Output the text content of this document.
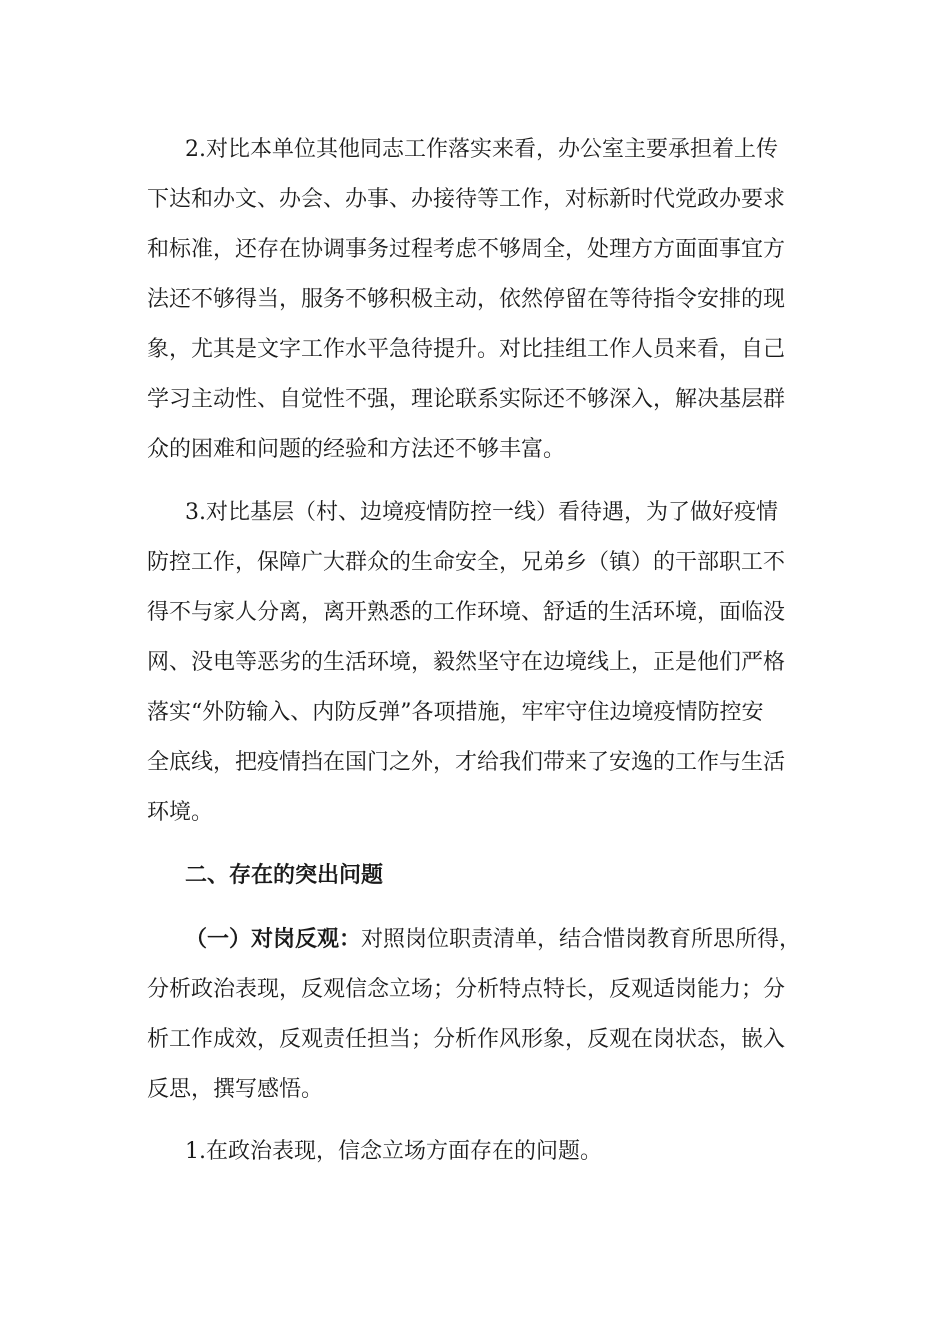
2.对比本单位其他同志工作落实来看，办公室主要承担着上传
下达和办文、办会、办事、办接待等工作，对标新时代党政办要求
和标准，还存在协调事务过程考虑不够周全，处理方方面面事宜方
法还不够得当，服务不够积极主动，依然停留在等待指令安排的现
象，尤其是文字工作水平急待提升。对比挂组工作人员来看，自己
学习主动性、自觉性不强，理论联系实际还不够深入，解决基层群
众的困难和问题的经验和方法还不够丰富。
3.对比基层（村、边境疫情防控一线）看待遇，为了做好疫情
防控工作，保障广大群众的生命安全，兄弟乡（镇）的干部职工不
得不与家人分离，离开熟悉的工作环境、舒适的生活环境，面临没
网、没电等恶劣的生活环境，毅然坚守在边境线上，正是他们严格
落实“外防输入、内防反弹”各项措施，牢牢守住边境疫情防控安
全底线，把疫情挡在国门之外，才给我们带来了安逸的工作与生活
环境。
二、存在的突出问题
（一）对岗反观：对照岗位职责清单，结合惜岗教育所思所得，
分析政治表现，反观信念立场；分析特点特长，反观适岗能力；分
析工作成效，反观责任担当；分析作风形象，反观在岗状态，嵌入
反思，撰写感悟。
1.在政治表现，信念立场方面存在的问题。
